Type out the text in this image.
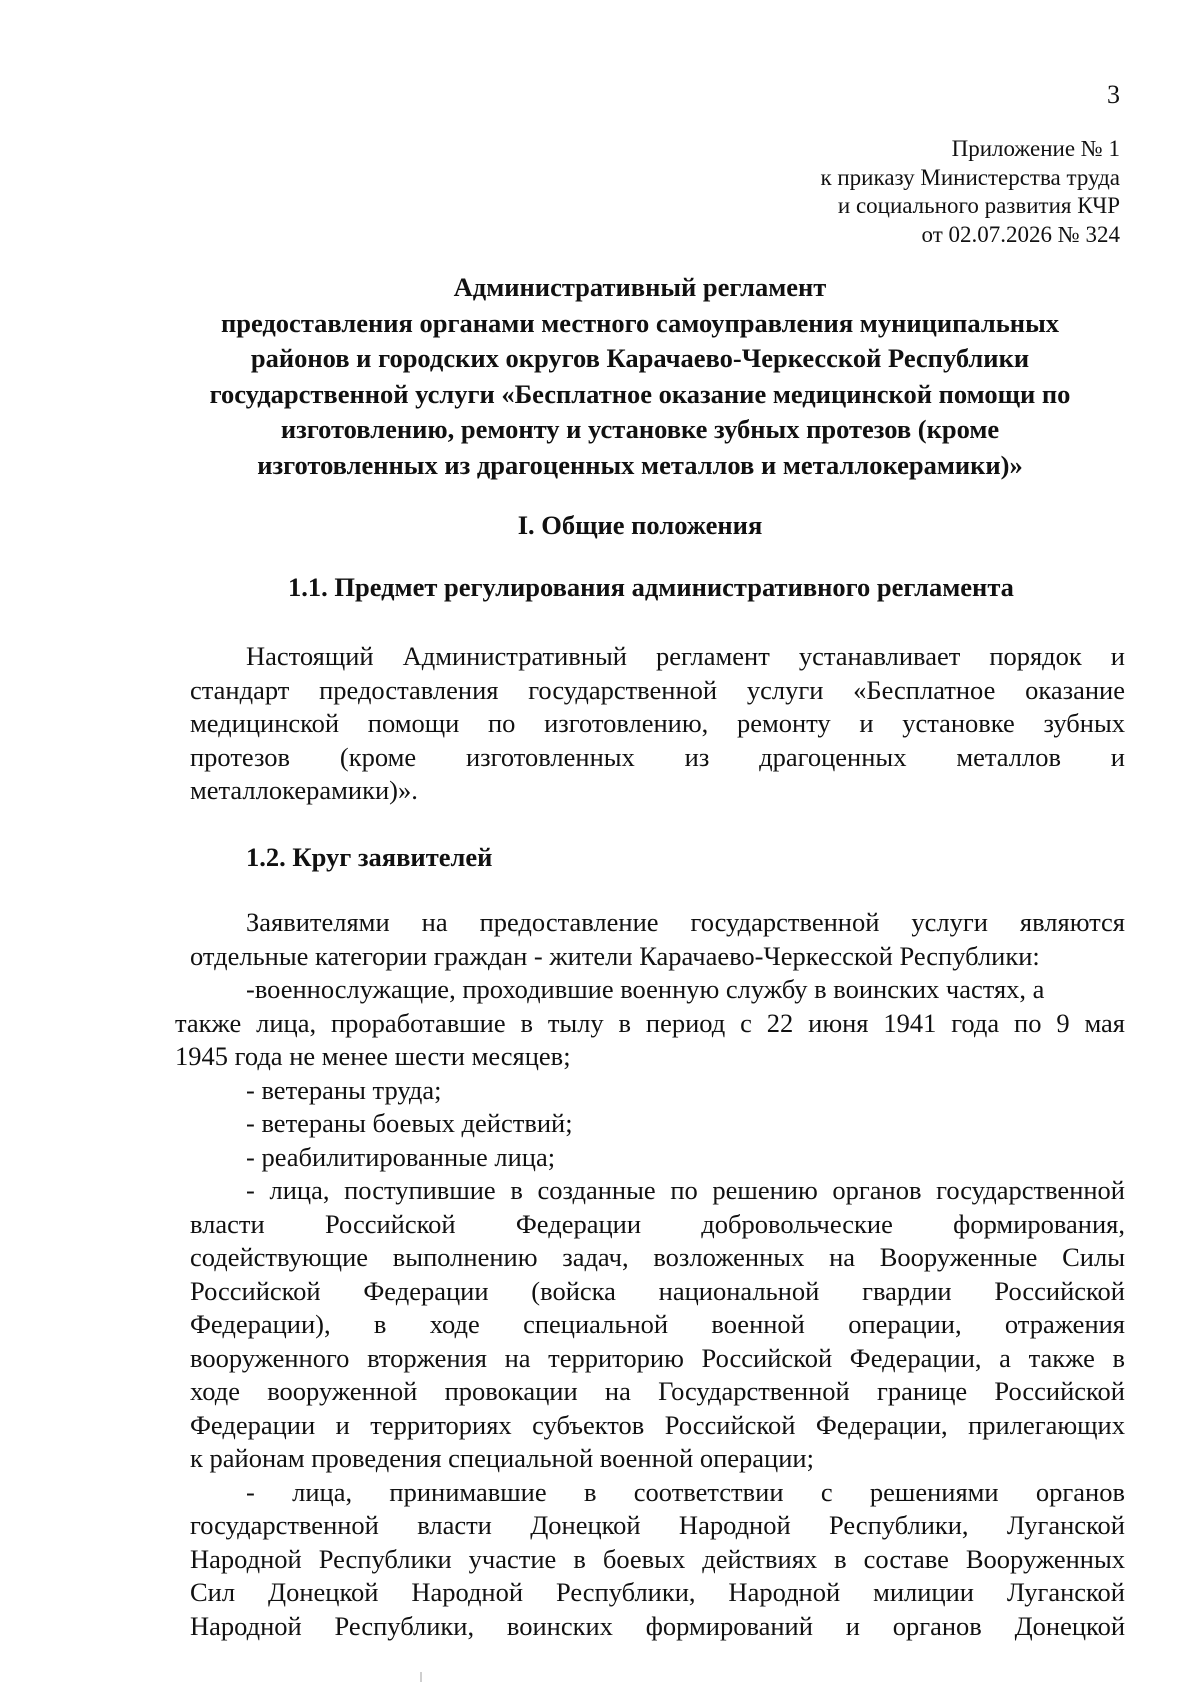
3
Приложение № 1
к приказу Министерства труда
и социального развития КЧР
от 02.07.2026 № 324
Административный регламент
предоставления органами местного самоуправления муниципальных
районов и городских округов Карачаево-Черкесской Республики
государственной услуги «Бесплатное оказание медицинской помощи по
изготовлению, ремонту и установке зубных протезов (кроме
изготовленных из драгоценных металлов и металлокерамики)»
I. Общие положения
1.1. Предмет регулирования административного регламента
Настоящий Административный регламент устанавливает порядок и
стандарт предоставления государственной услуги «Бесплатное оказание
медицинской помощи по изготовлению, ремонту и установке зубных
протезов (кроме изготовленных из драгоценных металлов и
металлокерамики)».
1.2. Круг заявителей
Заявителями на предоставление государственной услуги являются
отдельные категории граждан - жители Карачаево-Черкесской Республики:
-военнослужащие, проходившие военную службу в воинских частях, а
также лица, проработавшие в тылу в период с 22 июня 1941 года по 9 мая
1945 года не менее шести месяцев;
- ветераны труда;
- ветераны боевых действий;
- реабилитированные лица;
- лица, поступившие в созданные по решению органов государственной
власти Российской Федерации добровольческие формирования,
содействующие выполнению задач, возложенных на Вооруженные Силы
Российской Федерации (войска национальной гвардии Российской
Федерации), в ходе специальной военной операции, отражения
вооруженного вторжения на территорию Российской Федерации, а также в
ходе вооруженной провокации на Государственной границе Российской
Федерации и территориях субъектов Российской Федерации, прилегающих
к районам проведения специальной военной операции;
- лица, принимавшие в соответствии с решениями органов
государственной власти Донецкой Народной Республики, Луганской
Народной Республики участие в боевых действиях в составе Вооруженных
Сил Донецкой Народной Республики, Народной милиции Луганской
Народной Республики, воинских формирований и органов Донецкой
